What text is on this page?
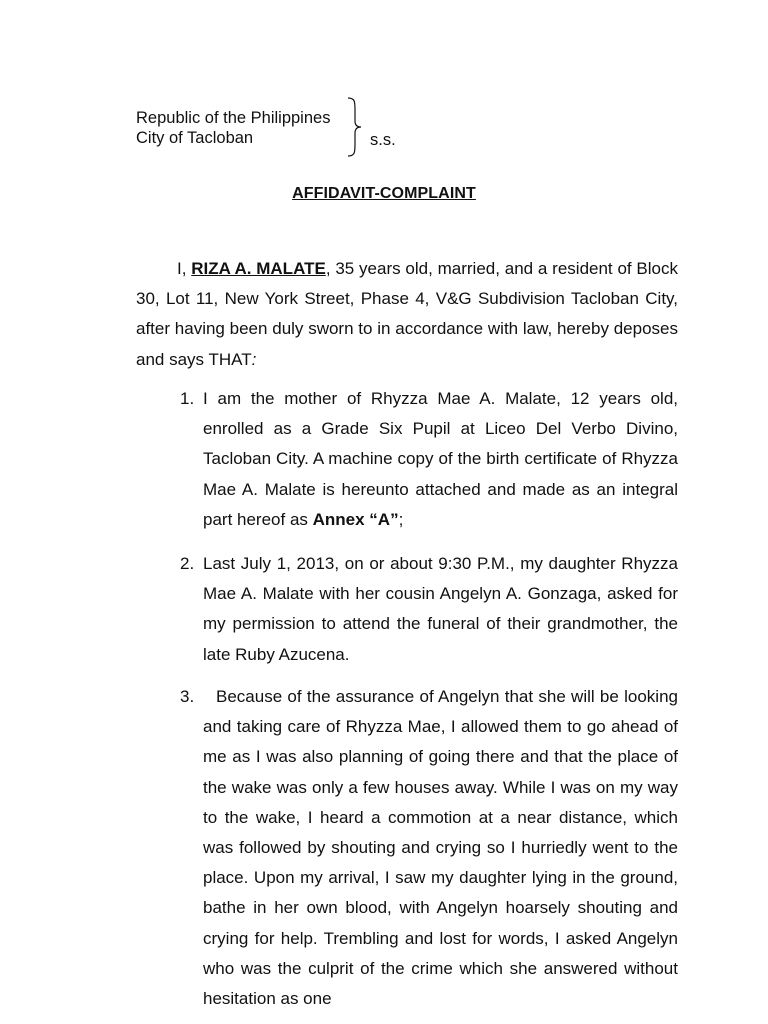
Republic of the Philippines
City of Tacloban	s.s.
AFFIDAVIT-COMPLAINT

I, RIZA A. MALATE, 35 years old, married, and a resident of Block 30, Lot 11, New York Street, Phase 4, V&G Subdivision Tacloban City, after having been duly sworn to in accordance with law, hereby deposes and says THAT:

1. I am the mother of Rhyzza Mae A. Malate, 12 years old, enrolled as a Grade Six Pupil at Liceo Del Verbo Divino, Tacloban City. A machine copy of the birth certificate of Rhyzza Mae A. Malate is hereunto attached and made as an integral part hereof as Annex “A”;
2. Last July 1, 2013, on or about 9:30 P.M., my daughter Rhyzza Mae A. Malate with her cousin Angelyn A. Gonzaga, asked for my permission to attend the funeral of their grandmother, the late Ruby Azucena.
3.	Because of the assurance of Angelyn that she will be looking and taking care of Rhyzza Mae, I allowed them to go ahead of me as I was also planning of going there and that the place of the wake was only a few houses away. While I was on my way to the wake, I heard a commotion at a near distance, which was followed by shouting and crying so I hurriedly went to the place. Upon my arrival, I saw my daughter lying in the ground, bathe in her own blood, with Angelyn hoarsely shouting and crying for help. Trembling and lost for words, I asked Angelyn who was the culprit of the crime which she answered without hesitation as one
